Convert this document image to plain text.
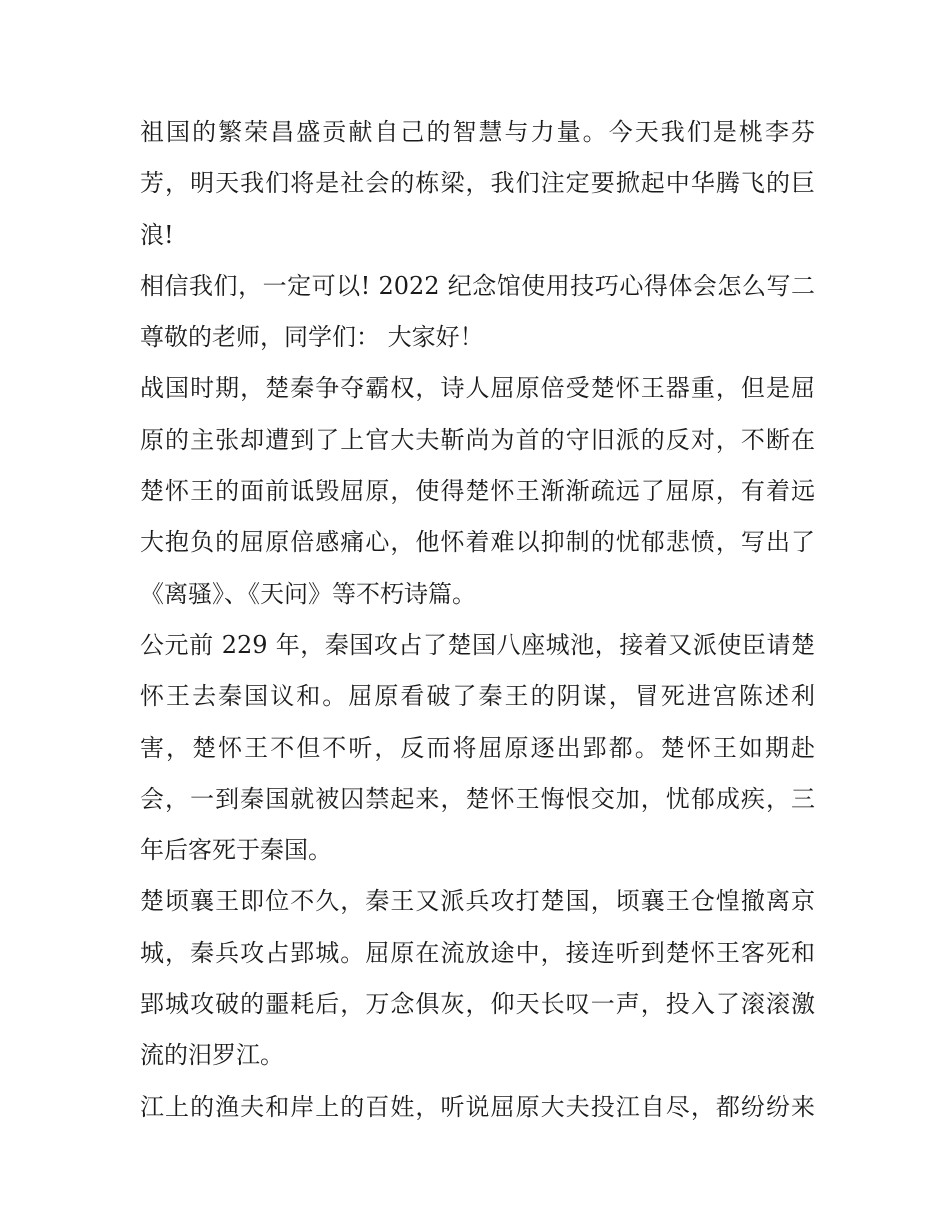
祖国的繁荣昌盛贡献自己的智慧与力量。今天我们是桃李芬
芳，明天我们将是社会的栋梁，我们注定要掀起中华腾飞的巨
浪!
相信我们，一定可以! 2022 纪念馆使用技巧心得体会怎么写二
尊敬的老师，同学们： 大家好！
战国时期，楚秦争夺霸权，诗人屈原倍受楚怀王器重，但是屈
原的主张却遭到了上官大夫靳尚为首的守旧派的反对，不断在
楚怀王的面前诋毁屈原，使得楚怀王渐渐疏远了屈原，有着远
大抱负的屈原倍感痛心，他怀着难以抑制的忧郁悲愤，写出了
《离骚》、《天问》等不朽诗篇。
公元前 229 年，秦国攻占了楚国八座城池，接着又派使臣请楚
怀王去秦国议和。屈原看破了秦王的阴谋，冒死进宫陈述利
害，楚怀王不但不听，反而将屈原逐出郢都。楚怀王如期赴
会，一到秦国就被囚禁起来，楚怀王悔恨交加，忧郁成疾，三
年后客死于秦国。
楚顷襄王即位不久，秦王又派兵攻打楚国，顷襄王仓惶撤离京
城，秦兵攻占郢城。屈原在流放途中，接连听到楚怀王客死和
郢城攻破的噩耗后，万念俱灰，仰天长叹一声，投入了滚滚激
流的汨罗江。
江上的渔夫和岸上的百姓，听说屈原大夫投江自尽，都纷纷来
